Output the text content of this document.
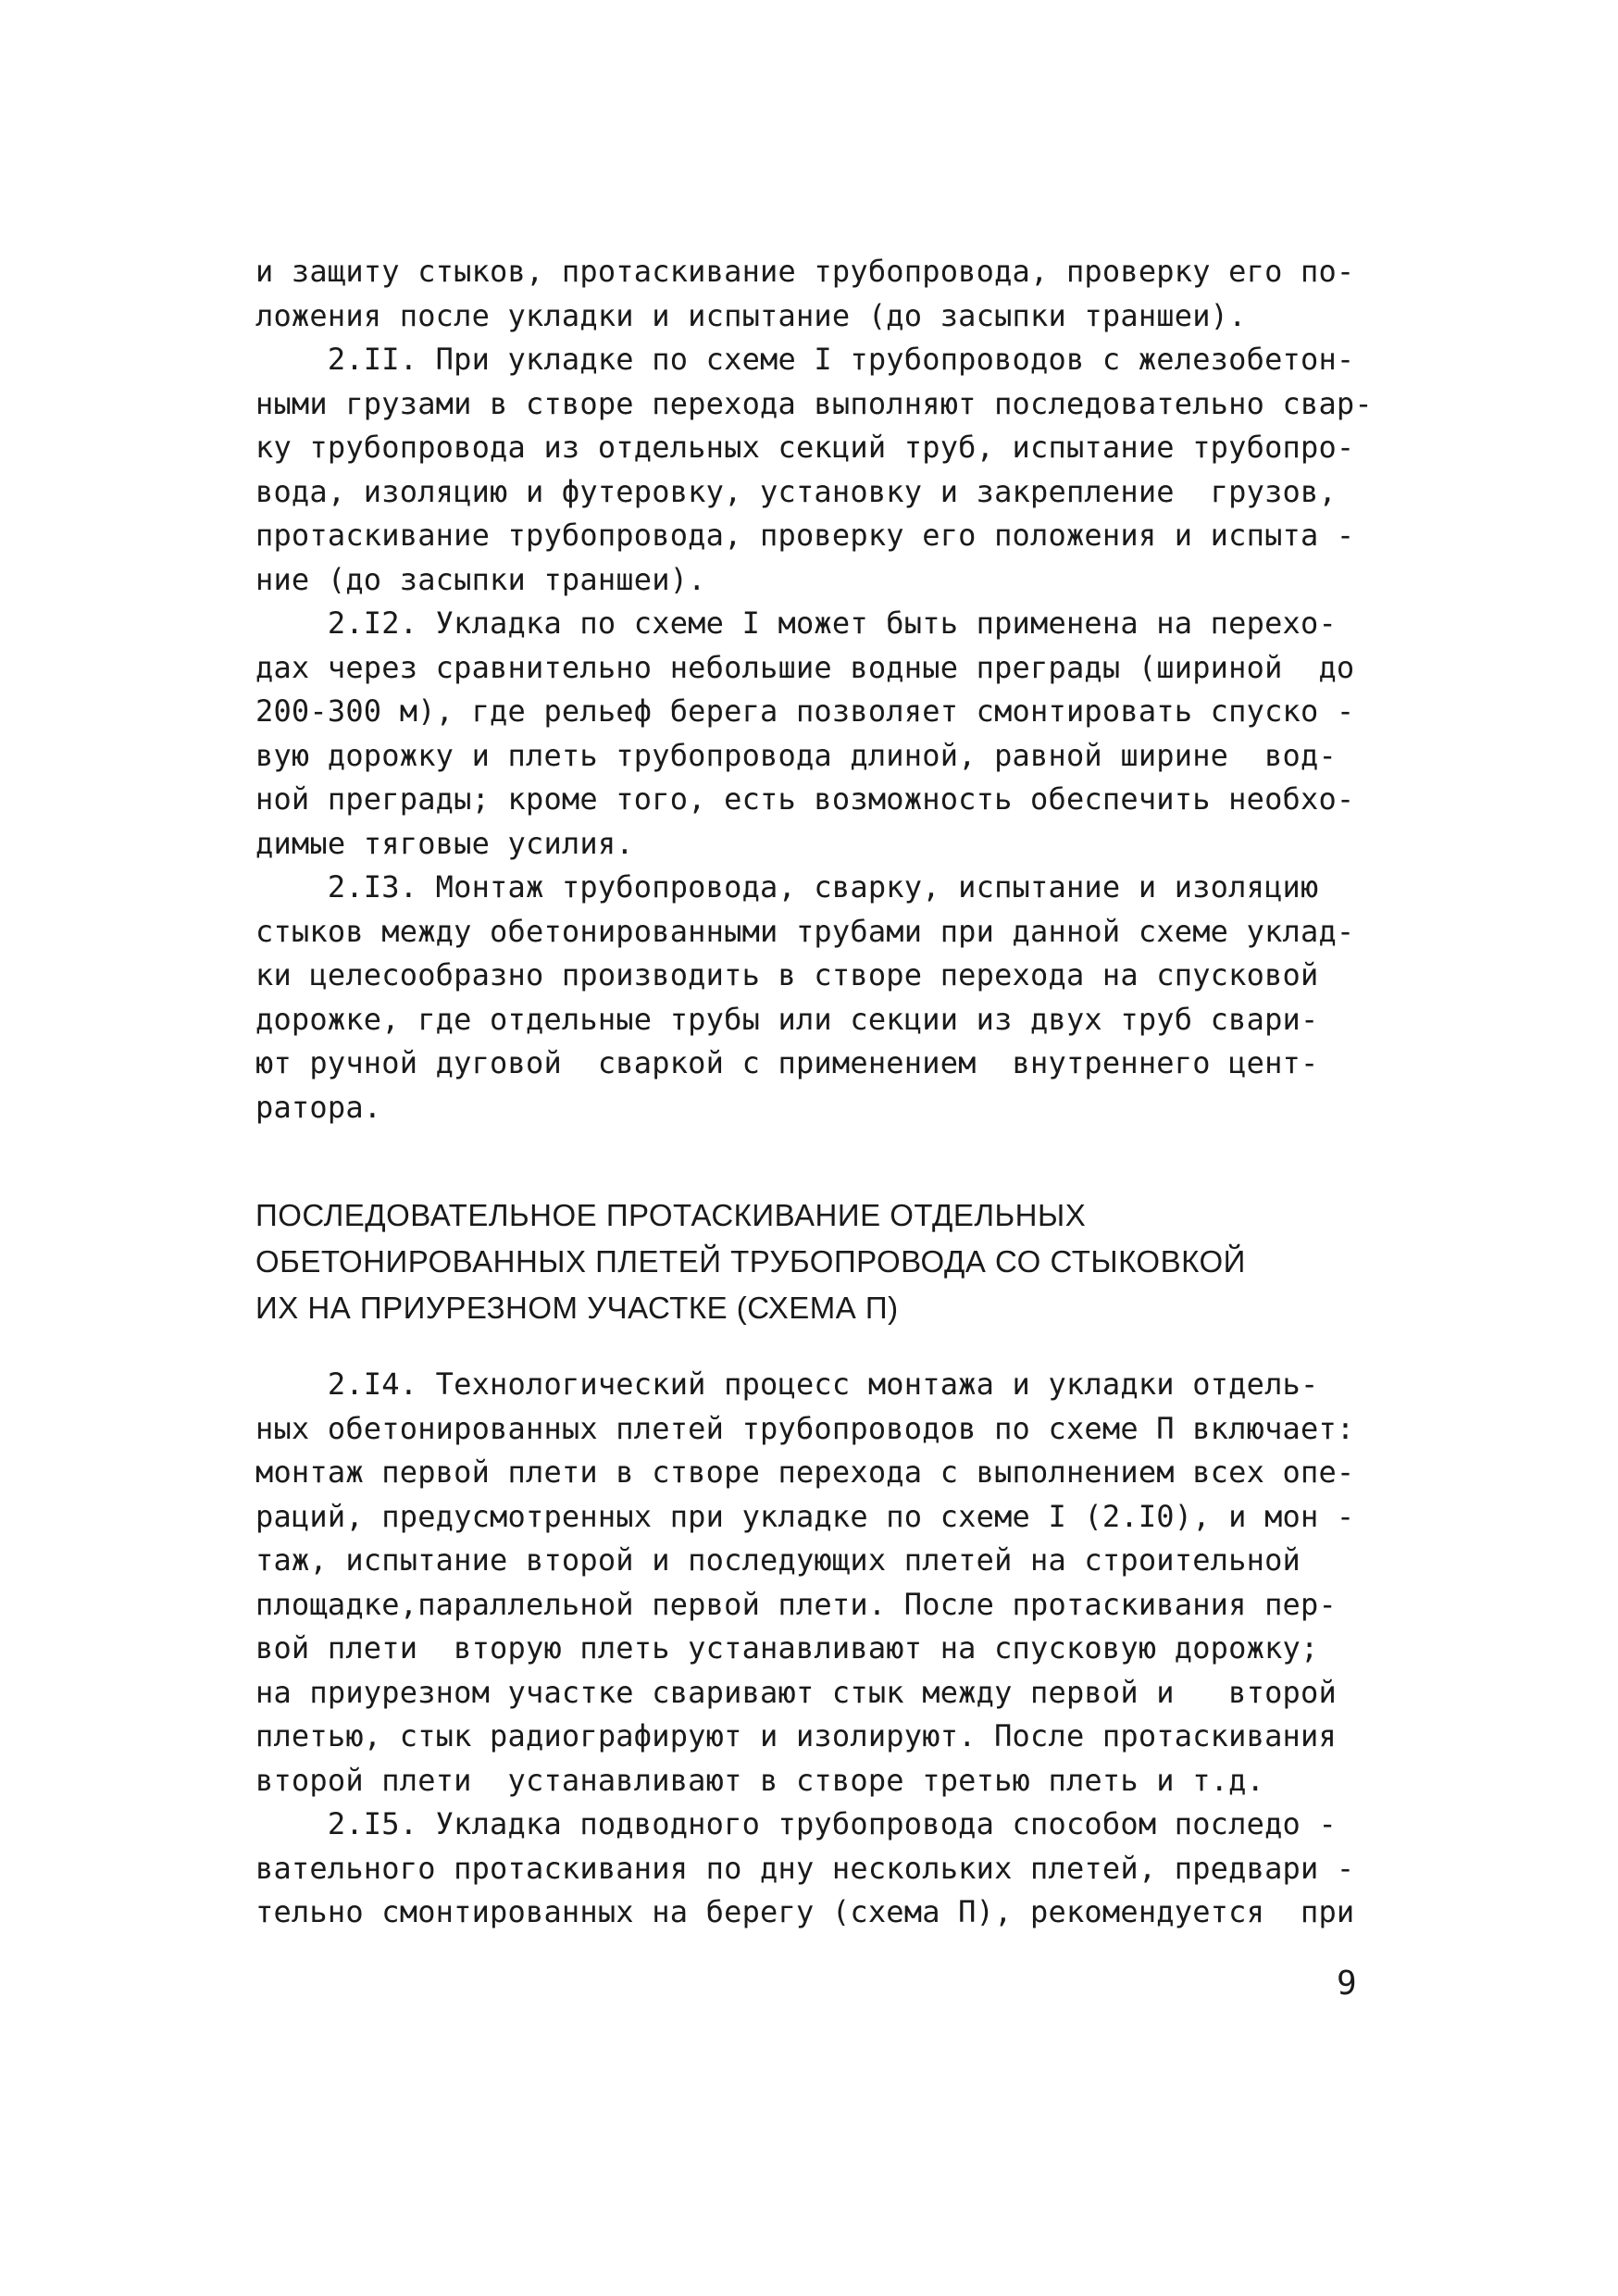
и защиту стыков, протаскивание трубопровода, проверку его по-
ложения после укладки и испытание (до засыпки траншеи).
2.II. При укладке по схеме I трубопроводов с железобетон-
ными грузами в створе перехода выполняют последовательно свар-
ку трубопровода из отдельных секций труб, испытание трубопро-
вода, изоляцию и футеровку, установку и закрепление  грузов,
протаскивание трубопровода, проверку его положения и испыта -
ние (до засыпки траншеи).
2.I2. Укладка по схеме I может быть применена на перехо-
дах через сравнительно небольшие водные преграды (шириной  до
200-300 м), где рельеф берега позволяет смонтировать спуско -
вую дорожку и плеть трубопровода длиной, равной ширине  вод-
ной преграды; кроме того, есть возможность обеспечить необхо-
димые тяговые усилия.
2.I3. Монтаж трубопровода, сварку, испытание и изоляцию
стыков между обетонированными трубами при данной схеме уклад-
ки целесообразно производить в створе перехода на спусковой
дорожке, где отдельные трубы или секции из двух труб свари-
ют ручной дуговой  сваркой с применением  внутреннего цент-
ратора.
ПОСЛЕДОВАТЕЛЬНОЕ ПРОТАСКИВАНИЕ ОТДЕЛЬНЫХ
ОБЕТОНИРОВАННЫХ ПЛЕТЕЙ ТРУБОПРОВОДА СО СТЫКОВКОЙ
ИХ НА ПРИУРЕЗНОМ УЧАСТКЕ (СХЕМА П)
2.I4. Технологический процесс монтажа и укладки отдель-
ных обетонированных плетей трубопроводов по схеме П включает:
монтаж первой плети в створе перехода с выполнением всех опе-
раций, предусмотренных при укладке по схеме I (2.I0), и мон -
таж, испытание второй и последующих плетей на строительной
площадке,параллельной первой плети. После протаскивания пер-
вой плети  вторую плеть устанавливают на спусковую дорожку;
на приурезном участке сваривают стык между первой и   второй
плетью, стык радиографируют и изолируют. После протаскивания
второй плети  устанавливают в створе третью плеть и т.д.
2.I5. Укладка подводного трубопровода способом последо -
вательного протаскивания по дну нескольких плетей, предвари -
тельно смонтированных на берегу (схема П), рекомендуется  при
9
